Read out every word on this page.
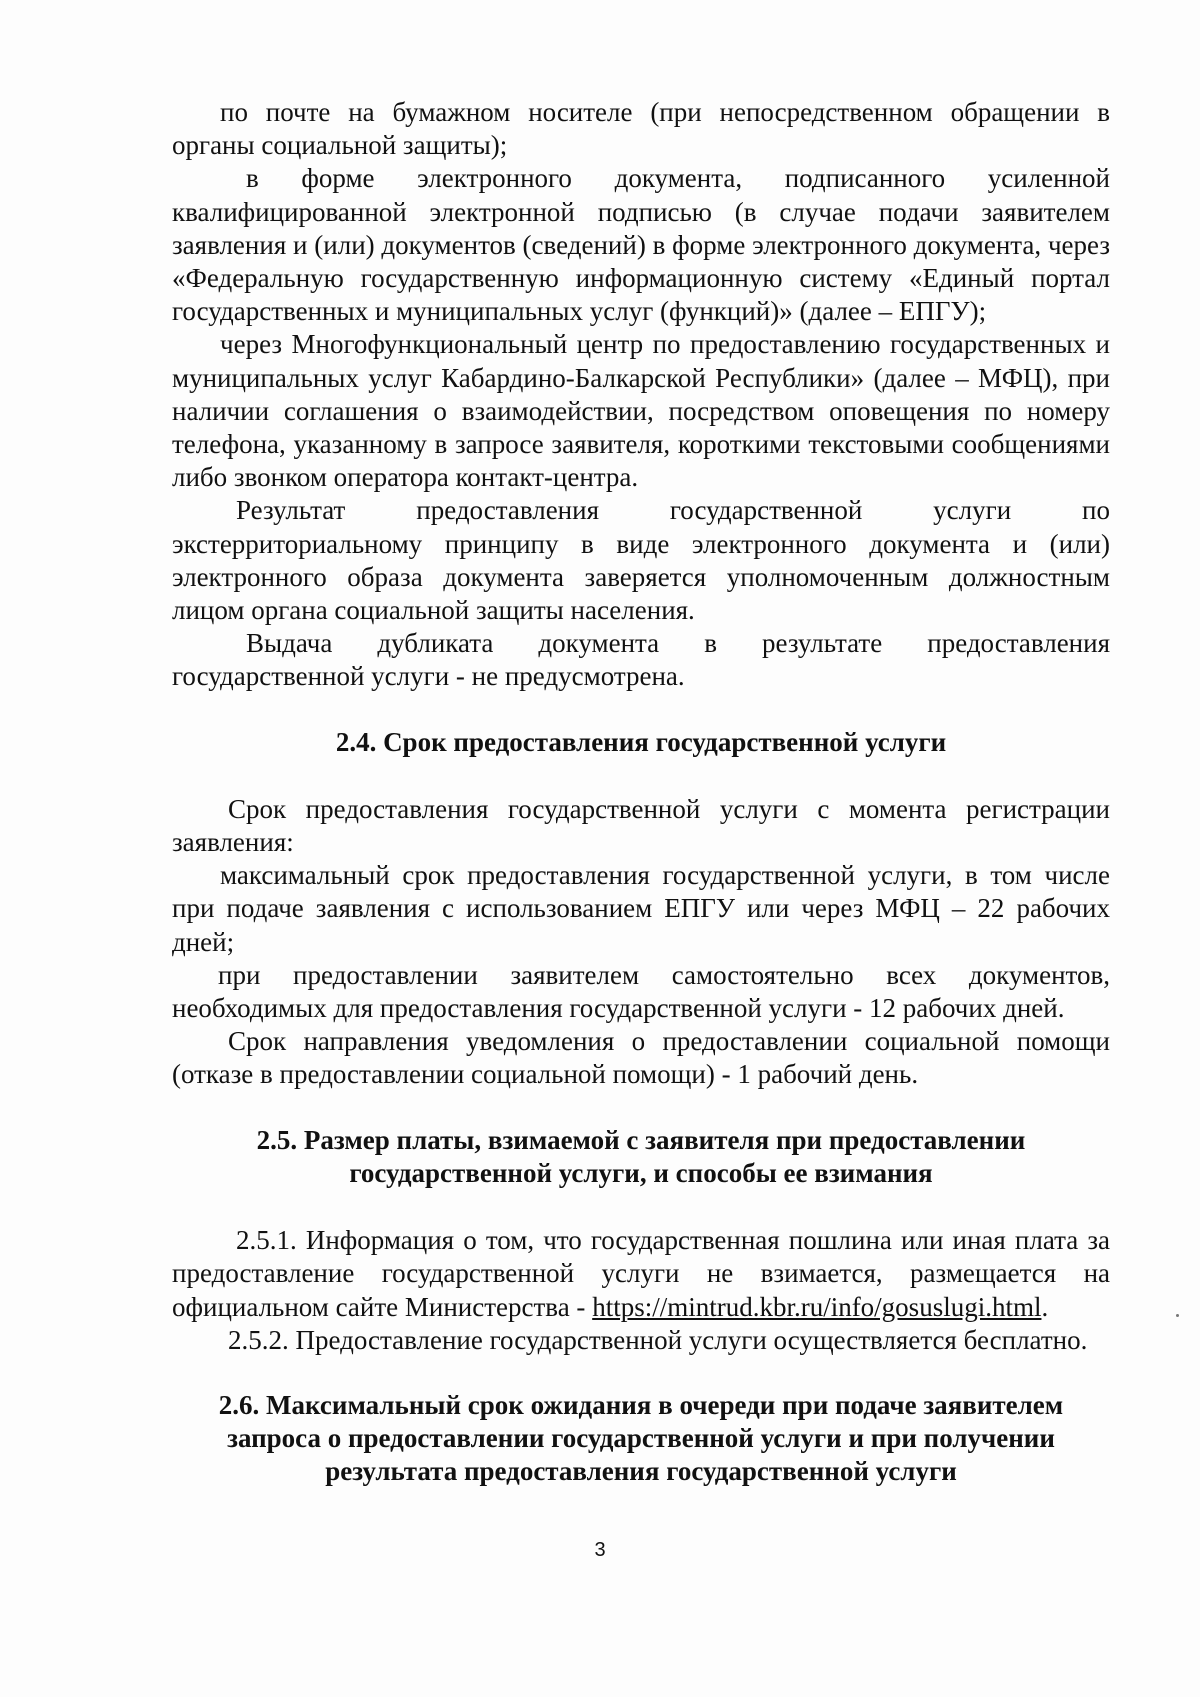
по почте на бумажном носителе (при непосредственном обращении в органы социальной защиты);

в форме электронного документа, подписанного усиленной квалифицированной электронной подписью (в случае подачи заявителем заявления и (или) документов (сведений) в форме электронного документа, через «Федеральную государственную информационную систему «Единый портал государственных и муниципальных услуг (функций)» (далее – ЕПГУ);

через Многофункциональный центр по предоставлению государственных и муниципальных услуг Кабардино-Балкарской Республики» (далее – МФЦ), при наличии соглашения о взаимодействии, посредством оповещения по номеру телефона, указанному в запросе заявителя, короткими текстовыми сообщениями либо звонком оператора контакт-центра.

Результат предоставления государственной услуги по экстерриториальному принципу в виде электронного документа и (или) электронного образа документа заверяется уполномоченным должностным лицом органа социальной защиты населения.

Выдача дубликата документа в результате предоставления государственной услуги - не предусмотрена.

2.4. Срок предоставления государственной услуги

Срок предоставления государственной услуги с момента регистрации заявления:

максимальный срок предоставления государственной услуги, в том числе при подаче заявления с использованием ЕПГУ или через МФЦ – 22 рабочих дней;

при предоставлении заявителем самостоятельно всех документов, необходимых для предоставления государственной услуги - 12 рабочих дней.

Срок направления уведомления о предоставлении социальной помощи (отказе в предоставлении социальной помощи) - 1 рабочий день.

2.5. Размер платы, взимаемой с заявителя при предоставлении
государственной услуги, и способы ее взимания

2.5.1. Информация о том, что государственная пошлина или иная плата за предоставление государственной услуги не взимается, размещается на официальном сайте Министерства - https://mintrud.kbr.ru/info/gosuslugi.html.

2.5.2. Предоставление государственной услуги осуществляется бесплатно.

2.6. Максимальный срок ожидания в очереди при подаче заявителем
запроса о предоставлении государственной услуги и при получении
результата предоставления государственной услуги

3
